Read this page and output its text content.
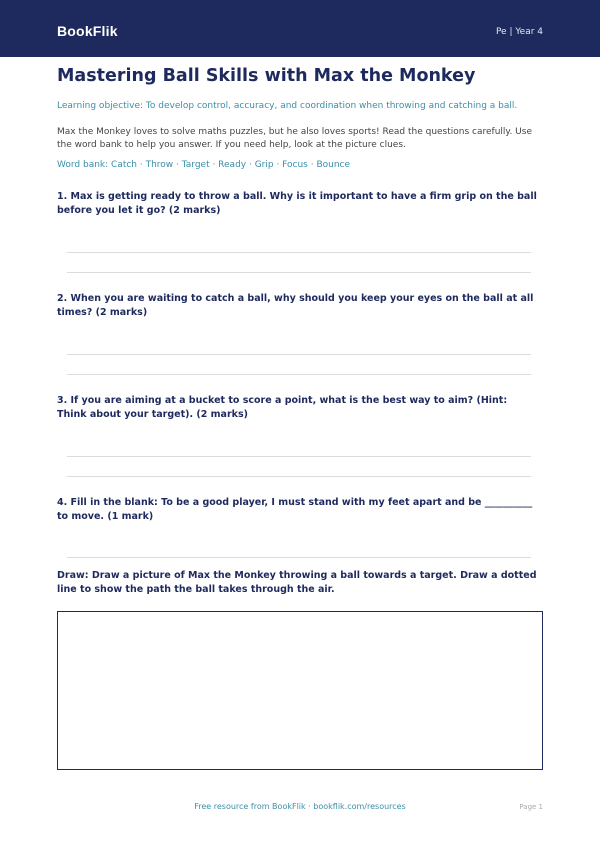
BookFlik	Pe | Year 4
Mastering Ball Skills with Max the Monkey
Learning objective: To develop control, accuracy, and coordination when throwing and catching a ball.
Max the Monkey loves to solve maths puzzles, but he also loves sports! Read the questions carefully. Use the word bank to help you answer. If you need help, look at the picture clues.
Word bank: Catch · Throw · Target · Ready · Grip · Focus · Bounce
1. Max is getting ready to throw a ball. Why is it important to have a firm grip on the ball before you let it go? (2 marks)
2. When you are waiting to catch a ball, why should you keep your eyes on the ball at all times? (2 marks)
3. If you are aiming at a bucket to score a point, what is the best way to aim? (Hint: Think about your target). (2 marks)
4. Fill in the blank: To be a good player, I must stand with my feet apart and be __________ to move. (1 mark)
Draw: Draw a picture of Max the Monkey throwing a ball towards a target. Draw a dotted line to show the path the ball takes through the air.
Free resource from BookFlik · bookflik.com/resources	Page 1
